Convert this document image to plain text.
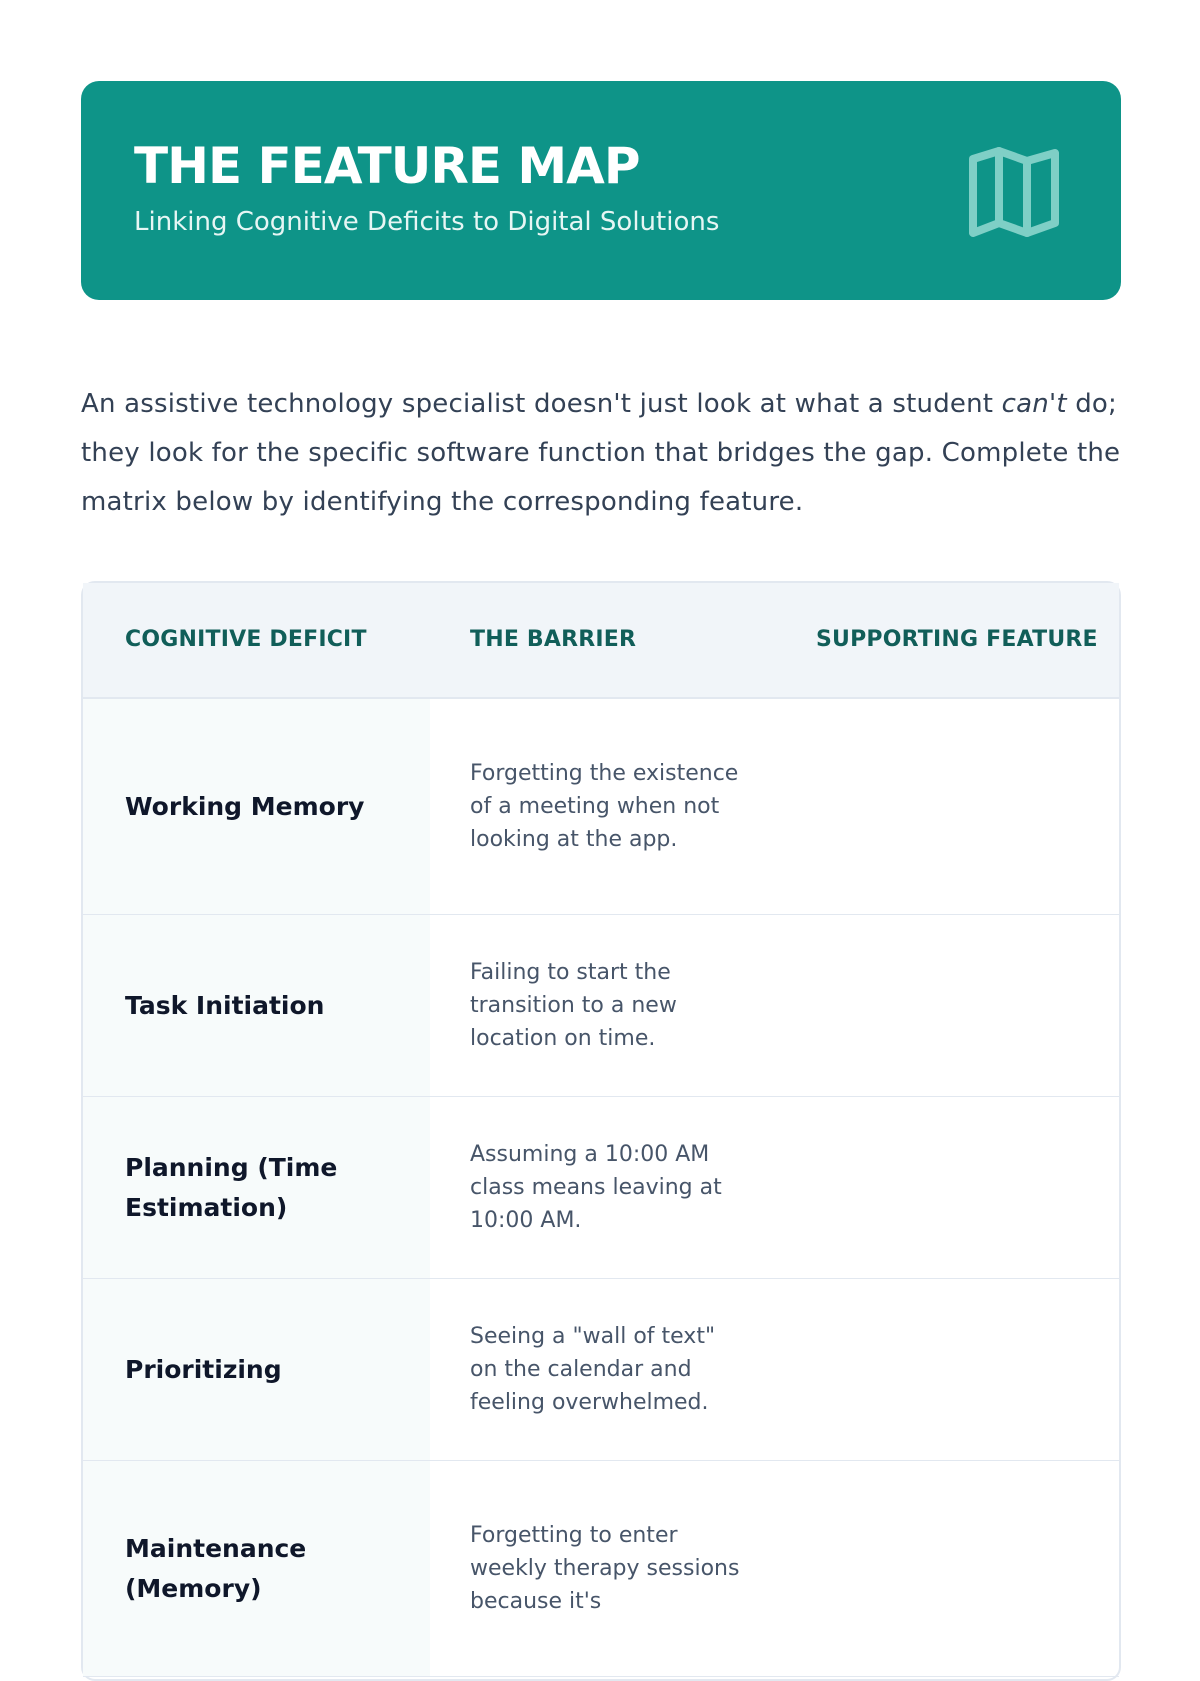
THE FEATURE MAP

Linking Cognitive Deficits to Digital Solutions

An assistive technology specialist doesn't just look at what a student can't do; they look for the specific software function that bridges the gap. Complete the matrix below by identifying the corresponding feature.

COGNITIVE DEFICIT	THE BARRIER	SUPPORTING FEATURE
Working Memory
Forgetting the existence of a meeting when not looking at the app.
Task Initiation
Failing to start the transition to a new location on time.
Planning (Time Estimation)
Assuming a 10:00 AM class means leaving at 10:00 AM.
Prioritizing
Seeing a "wall of text" on the calendar and feeling overwhelmed.
Maintenance (Memory)
Forgetting to enter weekly therapy sessions because it's
